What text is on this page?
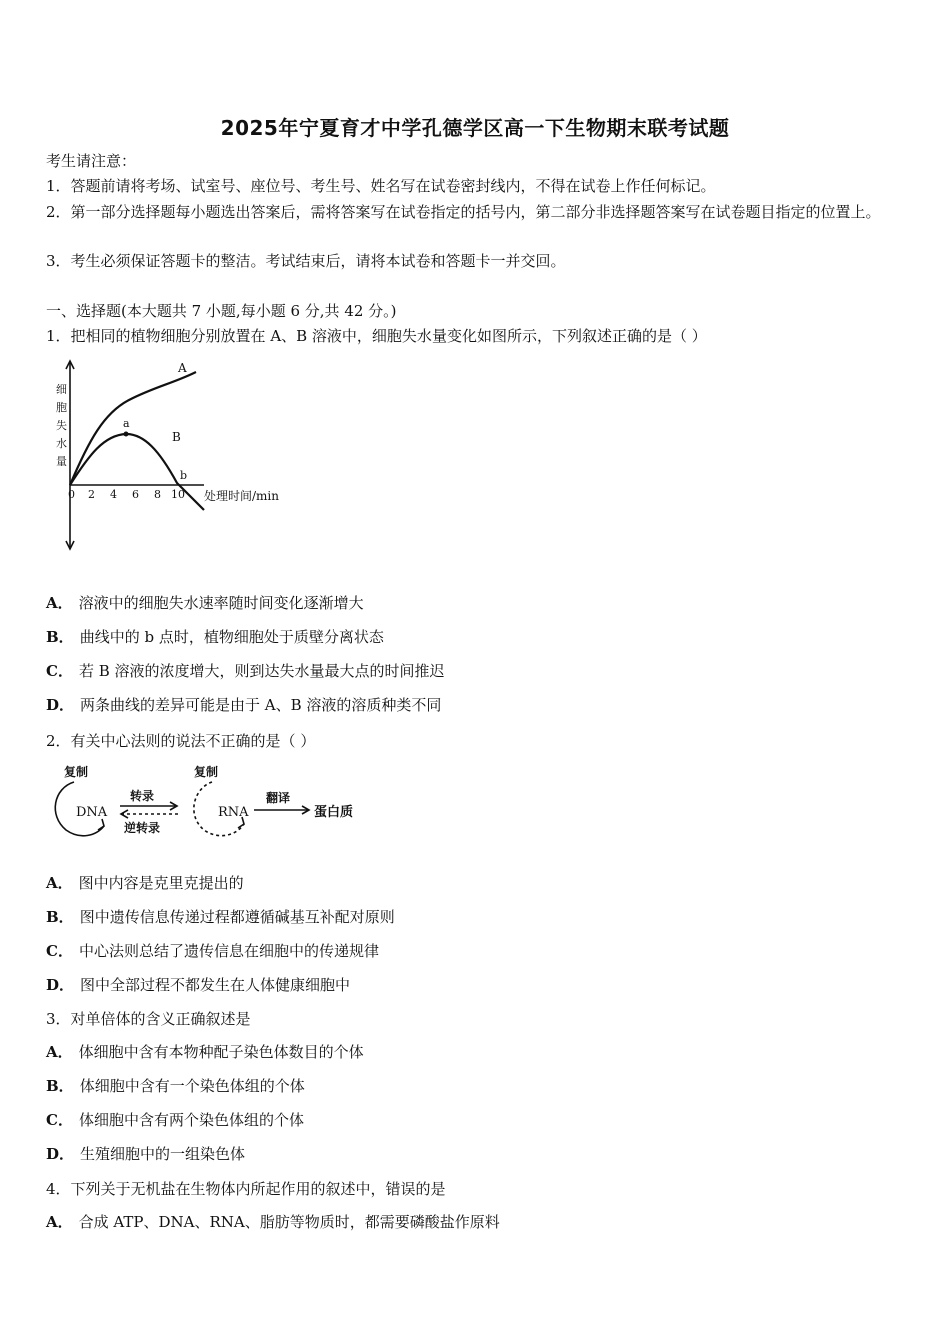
2025年宁夏育才中学孔德学区高一下生物期末联考试题
考生请注意：
1．答题前请将考场、试室号、座位号、考生号、姓名写在试卷密封线内，不得在试卷上作任何标记。
2．第一部分选择题每小题选出答案后，需将答案写在试卷指定的括号内，第二部分非选择题答案写在试卷题目指定的位置上。
3．考生必须保证答题卡的整洁。考试结束后，请将本试卷和答题卡一并交回。
一、选择题(本大题共 7 小题,每小题 6 分,共 42 分。)
1．把相同的植物细胞分别放置在 A、B 溶液中，细胞失水量变化如图所示，下列叙述正确的是（ ）
细
胞
失
水
量
0 2 4 6 8 10 处理时间/min
A
B
a
b
A． 溶液中的细胞失水速率随时间变化逐渐增大
B． 曲线中的 b 点时，植物细胞处于质壁分离状态
C． 若 B 溶液的浓度增大，则到达失水量最大点的时间推迟
D． 两条曲线的差异可能是由于 A、B 溶液的溶质种类不同
2．有关中心法则的说法不正确的是（ ）
复制
DNA
转录
逆转录
复制
RNA
翻译
蛋白质
A． 图中内容是克里克提出的
B． 图中遗传信息传递过程都遵循碱基互补配对原则
C． 中心法则总结了遗传信息在细胞中的传递规律
D． 图中全部过程不都发生在人体健康细胞中
3．对单倍体的含义正确叙述是
A． 体细胞中含有本物种配子染色体数目的个体
B． 体细胞中含有一个染色体组的个体
C． 体细胞中含有两个染色体组的个体
D． 生殖细胞中的一组染色体
4．下列关于无机盐在生物体内所起作用的叙述中，错误的是
A． 合成 ATP、DNA、RNA、脂肪等物质时，都需要磷酸盐作原料
